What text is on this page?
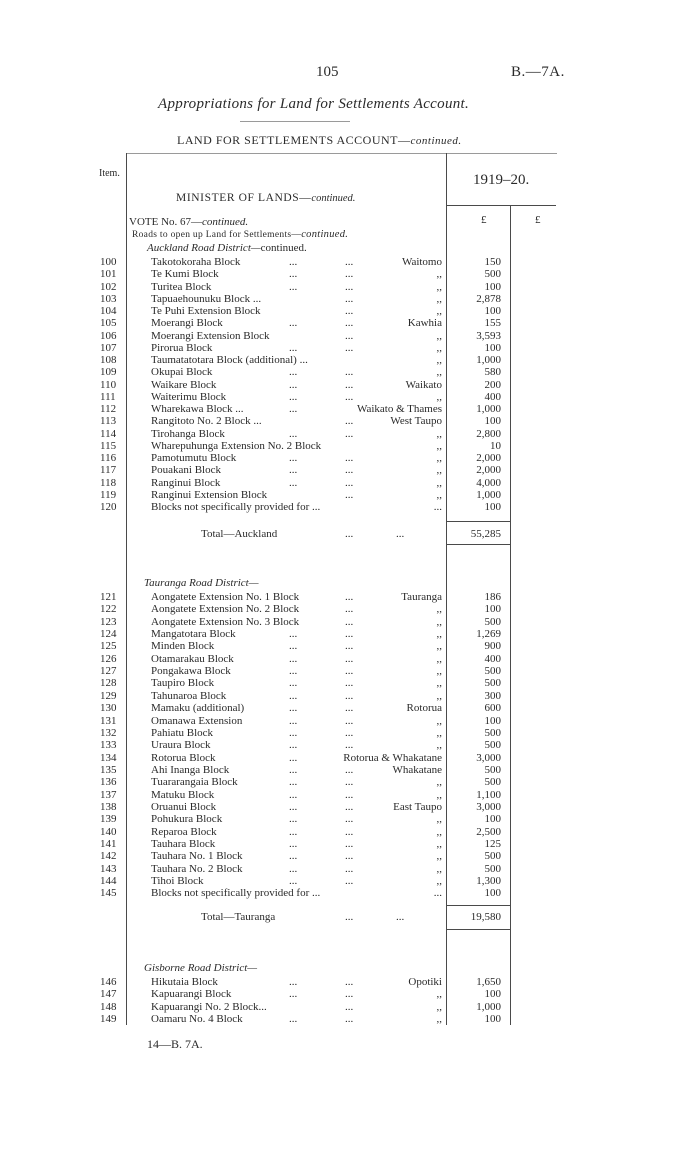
105	B.—7A.
Appropriations for Land for Settlements Account.
LAND FOR SETTLEMENTS ACCOUNT—continued.
Item.	1919–20.
MINISTER OF LANDS—continued.
£	£
VOTE No. 67—continued.
Roads to open up Land for Settlements—continued.
Auckland Road District—continued.
100	Takotokoraha Block	...	...	Waitomo	150
101	Te Kumi Block	...	...	,,	500
102	Turitea Block	...	...	,,	100
103	Tapuaehounuku Block ...	...	,,	2,878
104	Te Puhi Extension Block	...	,,	100
105	Moerangi Block	...	...	Kawhia	155
106	Moerangi Extension Block	...	,,	3,593
107	Pirorua Block	...	...	,,	100
108	Taumatatotara Block (additional) ...	,,	1,000
109	Okupai Block	...	...	,,	580
110	Waikare Block	...	...	Waikato	200
111	Waiterimu Block	...	...	,,	400
112	Wharekawa Block ...	...	Waikato & Thames	1,000
113	Rangitoto No. 2 Block ...	...	West Taupo	100
114	Tirohanga Block	...	...	,,	2,800
115	Wharepuhunga Extension No. 2 Block	,,	10
116	Pamotumutu Block	...	...	,,	2,000
117	Pouakani Block	...	...	,,	2,000
118	Ranginui Block	...	...	,,	4,000
119	Ranginui Extension Block	...	,,	1,000
120	Blocks not specifically provided for ...	...	100
Total—Auckland	...	...	55,285
Tauranga Road District—
121	Aongatete Extension No. 1 Block	...	Tauranga	186
122	Aongatete Extension No. 2 Block	...	,,	100
123	Aongatete Extension No. 3 Block	...	,,	500
124	Mangatotara Block	...	...	,,	1,269
125	Minden Block	...	...	,,	900
126	Otamarakau Block	...	...	,,	400
127	Pongakawa Block	...	...	,,	500
128	Taupiro Block	...	...	,,	500
129	Tahunaroa Block	...	...	,,	300
130	Mamaku (additional)	...	...	Rotorua	600
131	Omanawa Extension	...	...	,,	100
132	Pahiatu Block	...	...	,,	500
133	Uraura Block	...	...	,,	500
134	Rotorua Block	...	Rotorua & Whakatane	3,000
135	Ahi Inanga Block	...	...	Whakatane	500
136	Tuararangaia Block	...	...	,,	500
137	Matuku Block	...	...	,,	1,100
138	Oruanui Block	...	...	East Taupo	3,000
139	Pohukura Block	...	...	,,	100
140	Reparoa Block	...	...	,,	2,500
141	Tauhara Block	...	...	,,	125
142	Tauhara No. 1 Block	...	...	,,	500
143	Tauhara No. 2 Block	...	...	,,	500
144	Tihoi Block	...	...	,,	1,300
145	Blocks not specifically provided for ...	...	100
Total—Tauranga	...	...	19,580
Gisborne Road District—
146	Hikutaia Block	...	...	Opotiki	1,650
147	Kapuarangi Block	...	...	,,	100
148	Kapuarangi No. 2 Block...	...	,,	1,000
149	Oamaru No. 4 Block	...	...	,,	100
14—B. 7A.
